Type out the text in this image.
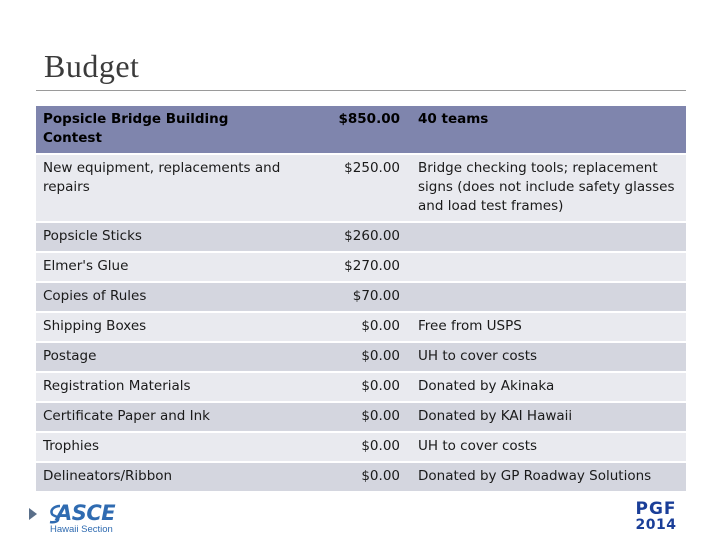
Budget
Popsicle Bridge Building Contest	$850.00	40 teams
New equipment, replacements and repairs	$250.00	Bridge checking tools; replacement signs (does not include safety glasses and load test frames)
Popsicle Sticks	$260.00	
Elmer's Glue	$270.00	
Copies of Rules	$70.00	
Shipping Boxes	$0.00	Free from USPS
Postage	$0.00	UH to cover costs
Registration Materials	$0.00	Donated by Akinaka
Certificate Paper and Ink	$0.00	Donated by KAI Hawaii
Trophies	$0.00	UH to cover costs
Delineators/Ribbon	$0.00	Donated by GP Roadway Solutions
ASCE
Hawaii Section
PGF
2014
